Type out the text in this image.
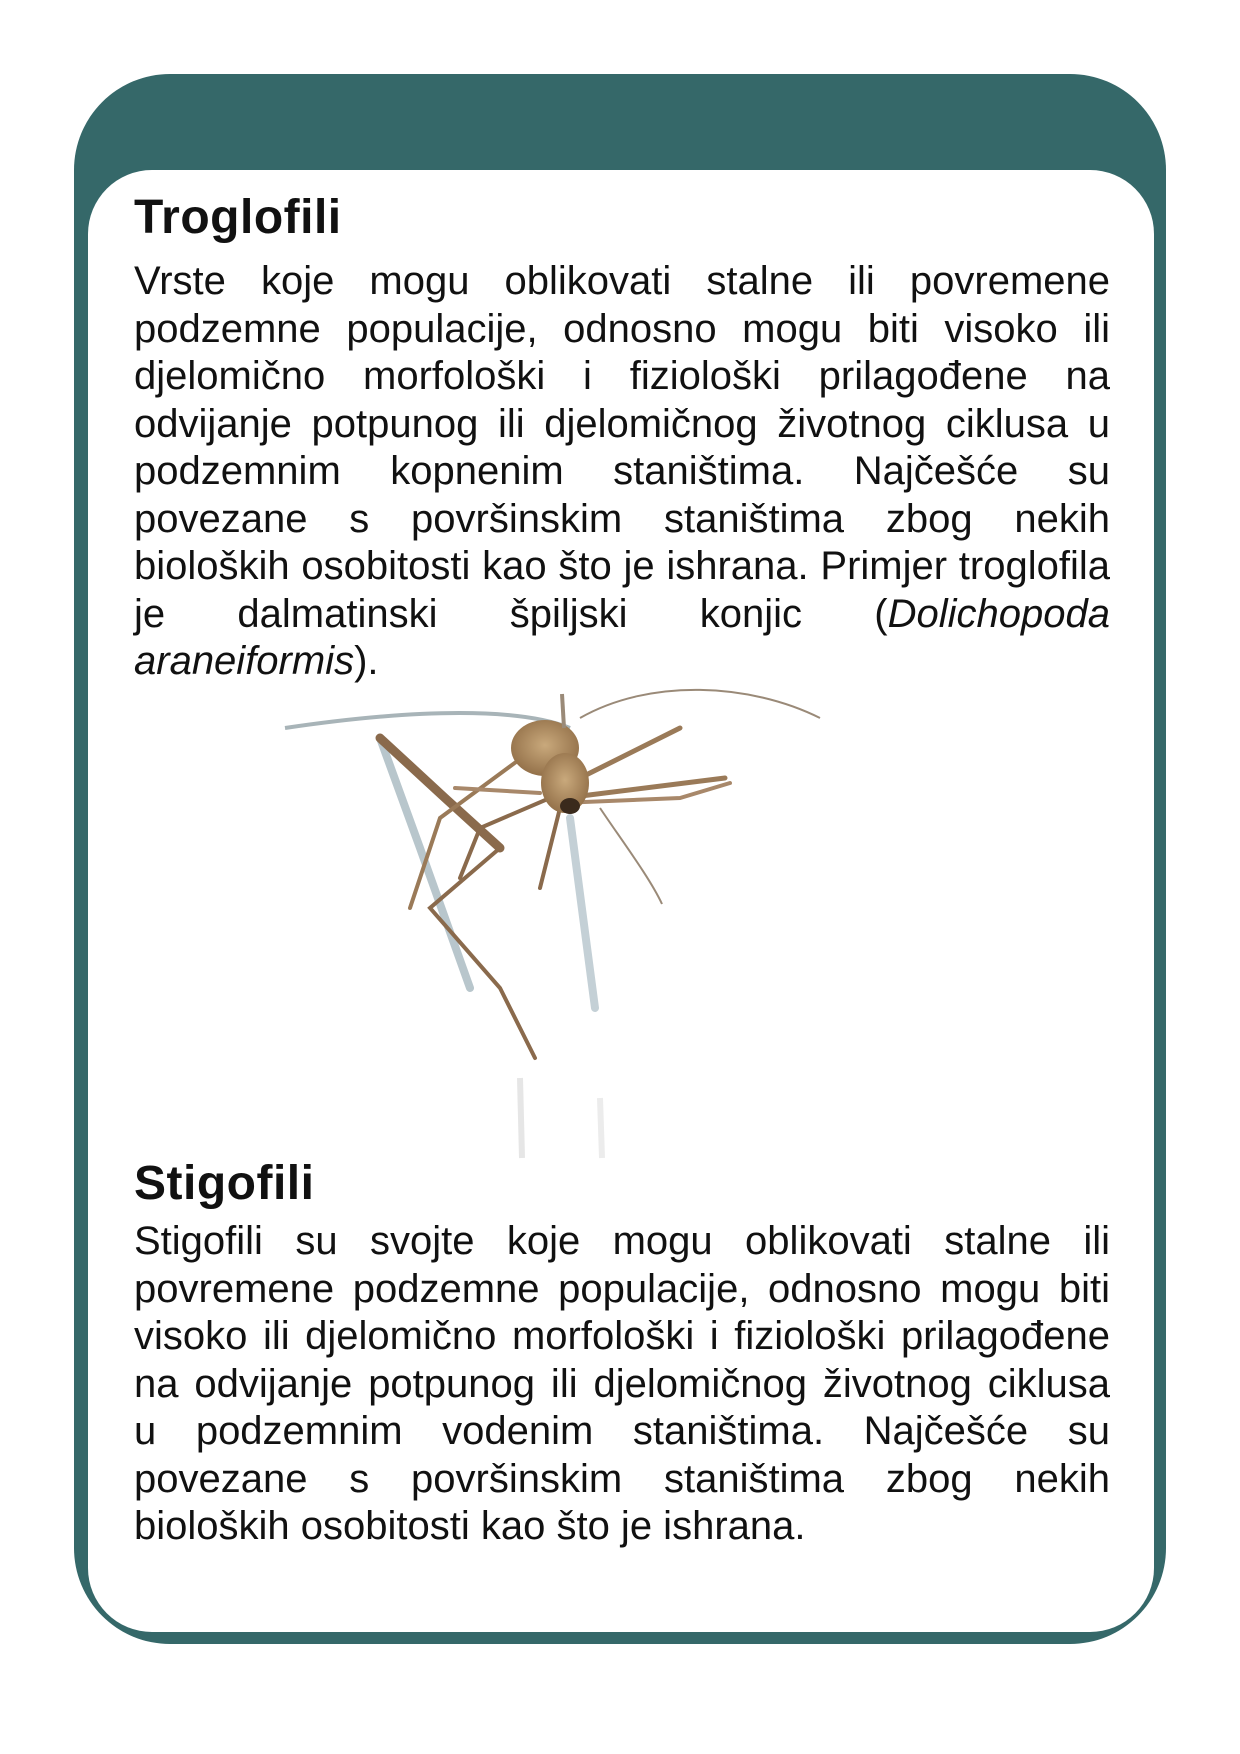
Troglofili

Vrste koje mogu oblikovati stalne ili povremene podzemne populacije, odnosno mogu biti visoko ili djelomično morfološki i fiziološki prilagođene na odvijanje potpunog ili djelomičnog životnog ciklusa u podzemnim kopnenim staništima. Najčešće su povezane s površinskim staništima zbog nekih bioloških osobitosti kao što je ishrana. Primjer troglofila je dalmatinski špiljski konjic (Dolichopoda araneiformis).

Stigofili

Stigofili su svojte koje mogu oblikovati stalne ili povremene podzemne populacije, odnosno mogu biti visoko ili djelomično morfološki i fiziološki prilagođene na odvijanje potpunog ili djelomičnog životnog ciklusa u podzemnim vodenim staništima. Najčešće su povezane s površinskim staništima zbog nekih bioloških osobitosti kao što je ishrana.
